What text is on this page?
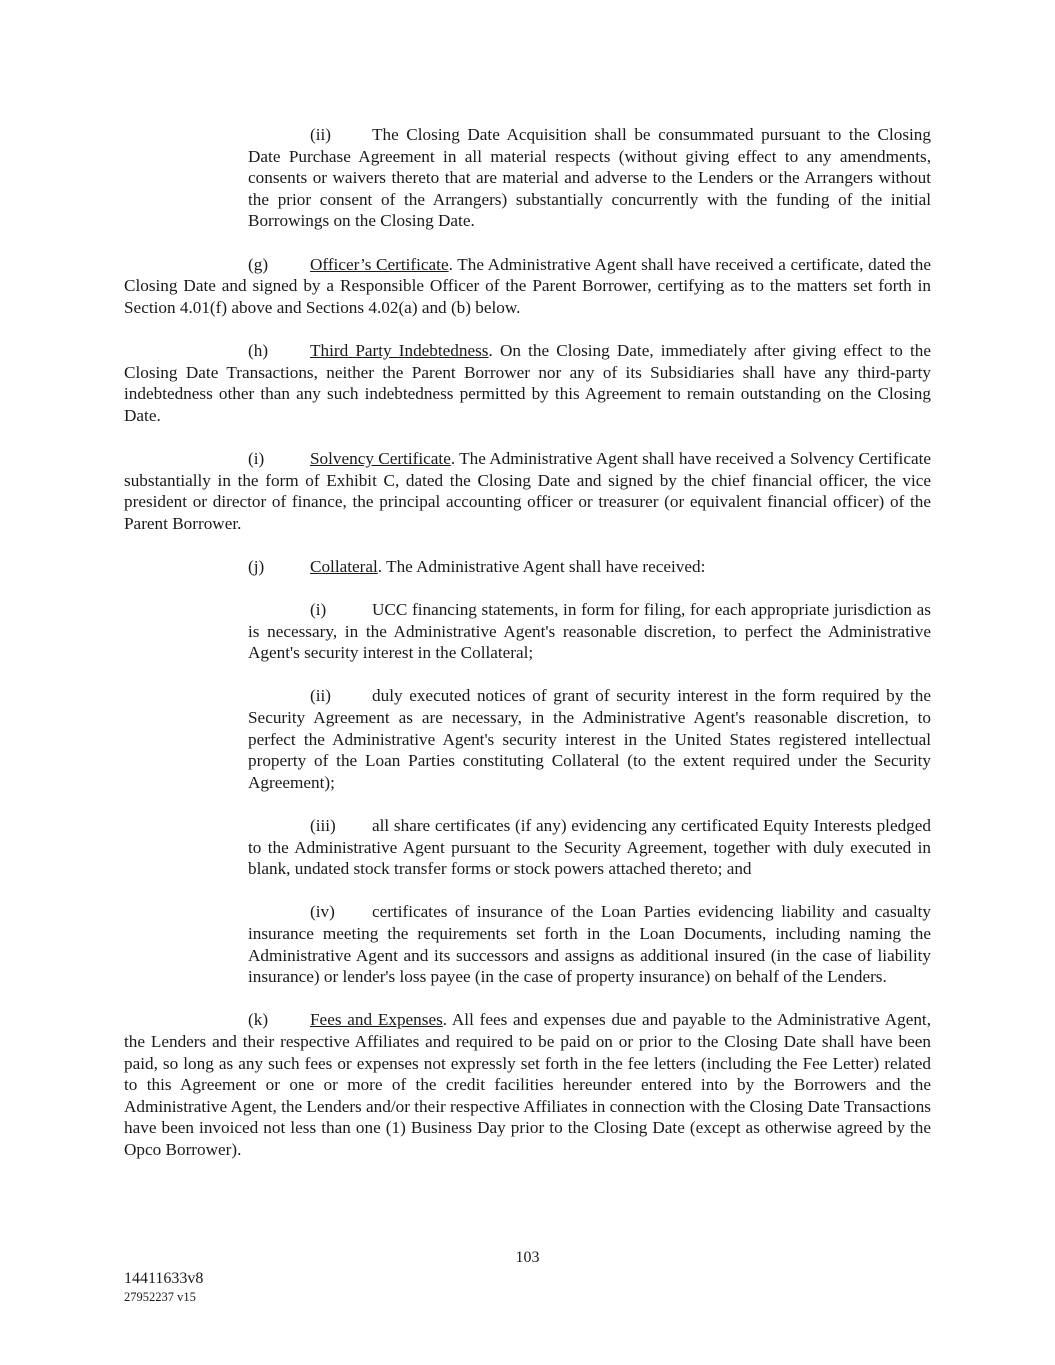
(ii) The Closing Date Acquisition shall be consummated pursuant to the Closing Date Purchase Agreement in all material respects (without giving effect to any amendments, consents or waivers thereto that are material and adverse to the Lenders or the Arrangers without the prior consent of the Arrangers) substantially concurrently with the funding of the initial Borrowings on the Closing Date.

(g) Officer’s Certificate. The Administrative Agent shall have received a certificate, dated the Closing Date and signed by a Responsible Officer of the Parent Borrower, certifying as to the matters set forth in Section 4.01(f) above and Sections 4.02(a) and (b) below.

(h) Third Party Indebtedness. On the Closing Date, immediately after giving effect to the Closing Date Transactions, neither the Parent Borrower nor any of its Subsidiaries shall have any third-party indebtedness other than any such indebtedness permitted by this Agreement to remain outstanding on the Closing Date.

(i)	Solvency Certificate. The Administrative Agent shall have received a Solvency Certificate substantially in the form of Exhibit C, dated the Closing Date and signed by the chief financial officer, the vice president or director of finance, the principal accounting officer or treasurer (or equivalent financial officer) of the Parent Borrower.

(j)	Collateral. The Administrative Agent shall have received:

(i)	UCC financing statements, in form for filing, for each appropriate jurisdiction as is necessary, in the Administrative Agent's reasonable discretion, to perfect the Administrative Agent's security interest in the Collateral;

(ii) duly executed notices of grant of security interest in the form required by the Security Agreement as are necessary, in the Administrative Agent's reasonable discretion, to perfect the Administrative Agent's security interest in the United States registered intellectual property of the Loan Parties constituting Collateral (to the extent required under the Security Agreement);

(iii) all share certificates (if any) evidencing any certificated Equity Interests pledged to the Administrative Agent pursuant to the Security Agreement, together with duly executed in blank, undated stock transfer forms or stock powers attached thereto; and

(iv) certificates of insurance of the Loan Parties evidencing liability and casualty insurance meeting the requirements set forth in the Loan Documents, including naming the Administrative Agent and its successors and assigns as additional insured (in the case of liability insurance) or lender's loss payee (in the case of property insurance) on behalf of the Lenders.

(k) Fees and Expenses. All fees and expenses due and payable to the Administrative Agent, the Lenders and their respective Affiliates and required to be paid on or prior to the Closing Date shall have been paid, so long as any such fees or expenses not expressly set forth in the fee letters (including the Fee Letter) related to this Agreement or one or more of the credit facilities hereunder entered into by the Borrowers and the Administrative Agent, the Lenders and/or their respective Affiliates in connection with the Closing Date Transactions have been invoiced not less than one (1) Business Day prior to the Closing Date (except as otherwise agreed by the Opco Borrower).

103
14411633v8
27952237 v15
